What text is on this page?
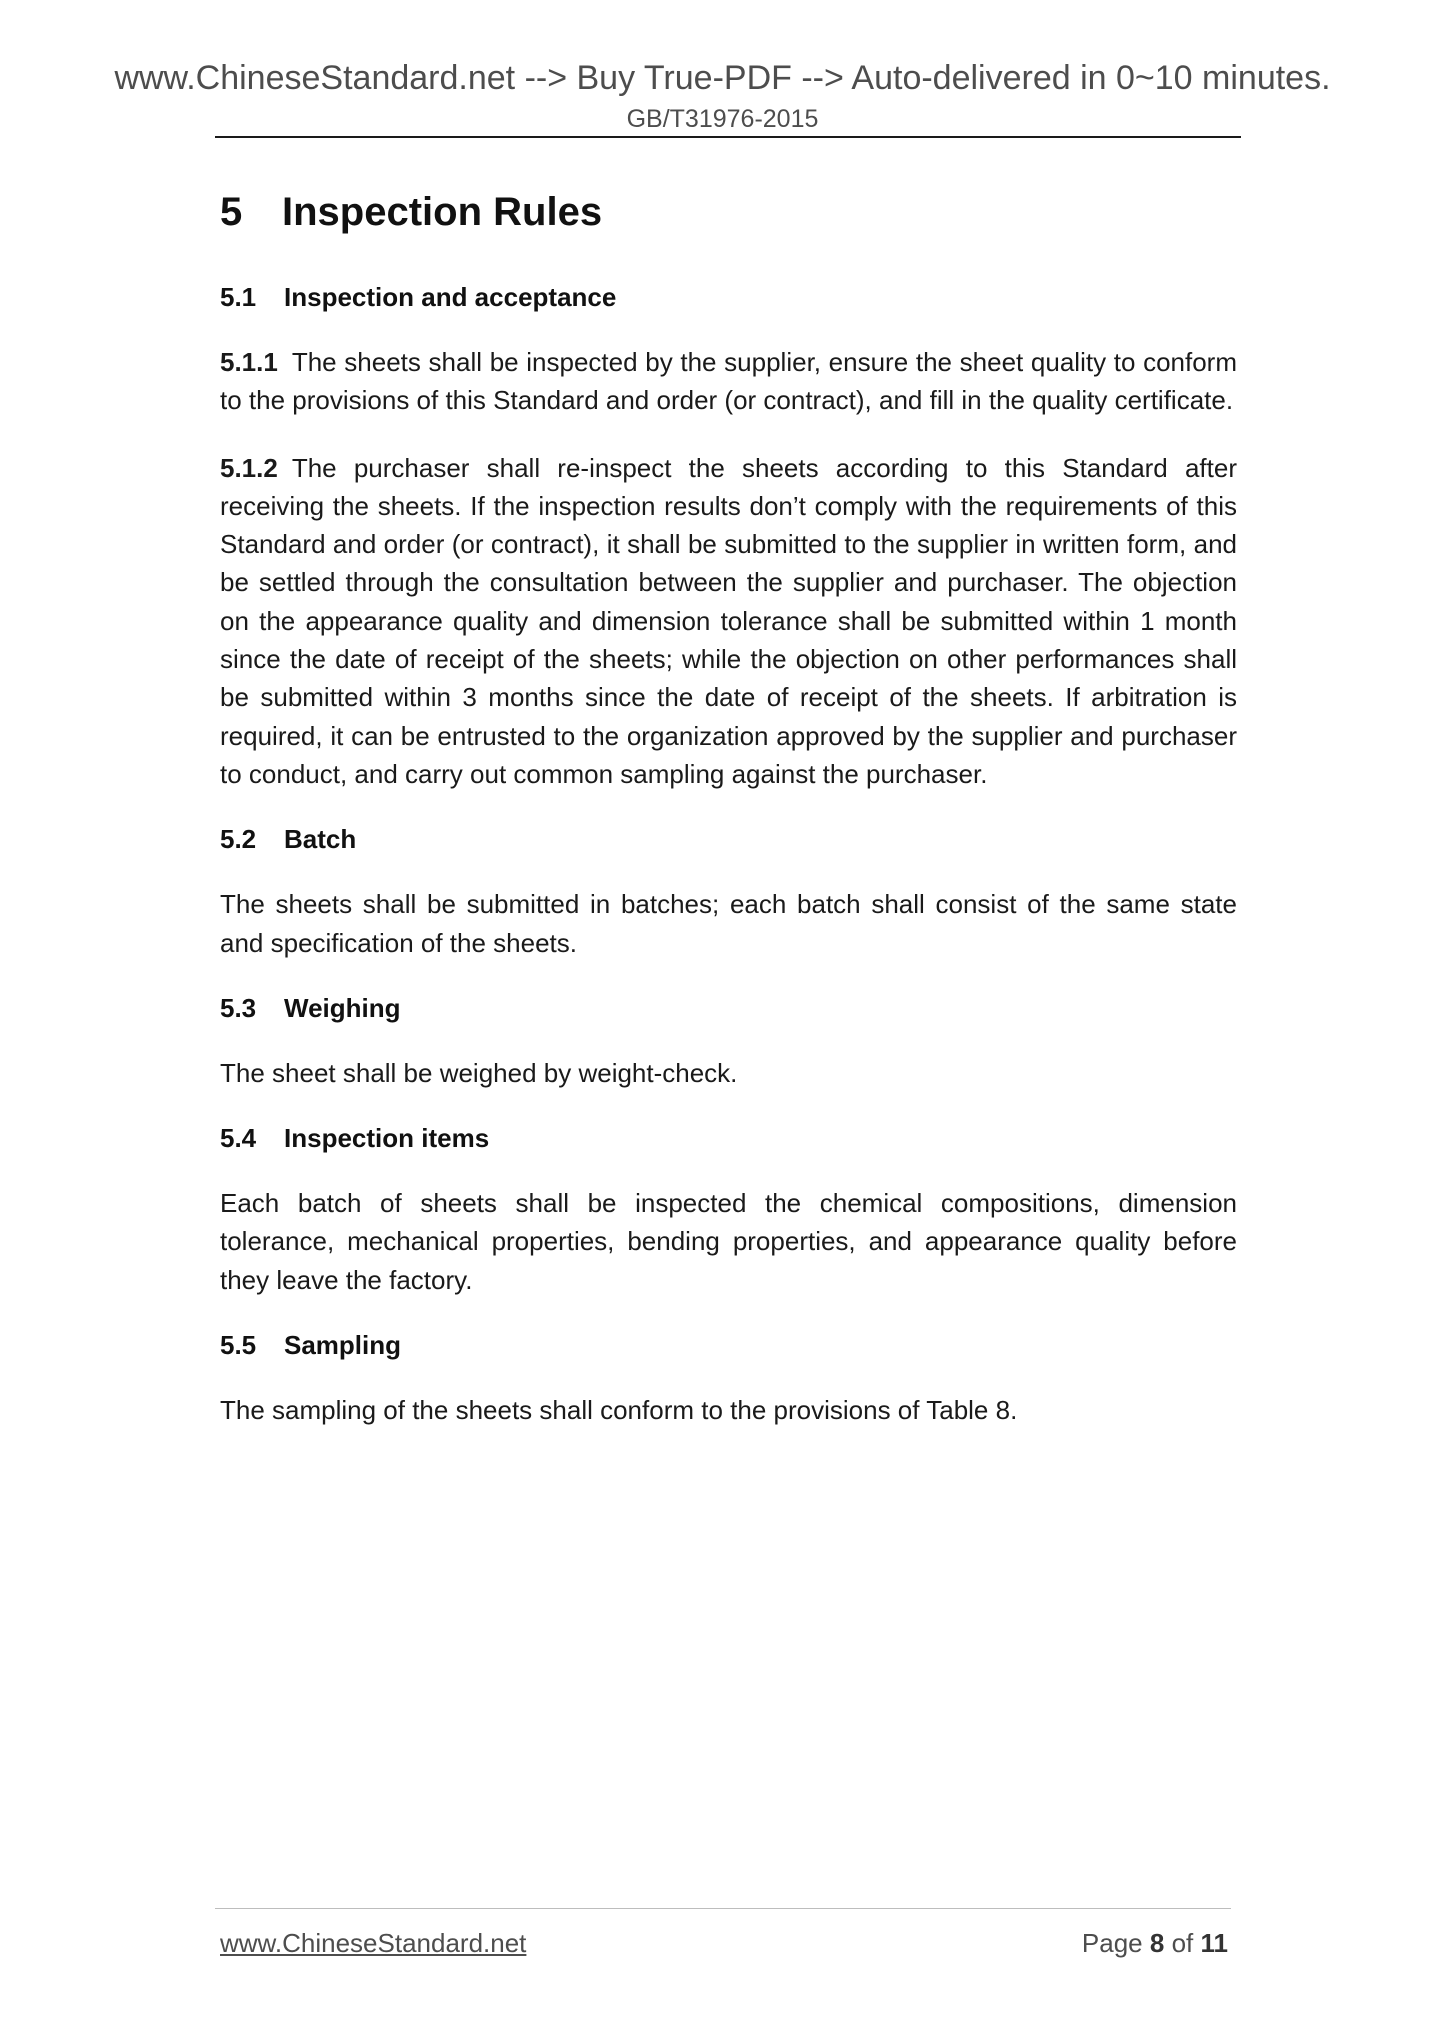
www.ChineseStandard.net --> Buy True-PDF --> Auto-delivered in 0~10 minutes.
GB/T31976-2015
5 Inspection Rules
5.1 Inspection and acceptance

5.1.1 The sheets shall be inspected by the supplier, ensure the sheet quality to conform to the provisions of this Standard and order (or contract), and fill in the quality certificate.

5.1.2 The purchaser shall re-inspect the sheets according to this Standard after receiving the sheets. If the inspection results don’t comply with the requirements of this Standard and order (or contract), it shall be submitted to the supplier in written form, and be settled through the consultation between the supplier and purchaser. The objection on the appearance quality and dimension tolerance shall be submitted within 1 month since the date of receipt of the sheets; while the objection on other performances shall be submitted within 3 months since the date of receipt of the sheets. If arbitration is required, it can be entrusted to the organization approved by the supplier and purchaser to conduct, and carry out common sampling against the purchaser.

5.2 Batch

The sheets shall be submitted in batches; each batch shall consist of the same state and specification of the sheets.

5.3 Weighing

The sheet shall be weighed by weight-check.

5.4 Inspection items

Each batch of sheets shall be inspected the chemical compositions, dimension tolerance, mechanical properties, bending properties, and appearance quality before they leave the factory.

5.5 Sampling

The sampling of the sheets shall conform to the provisions of Table 8.

www.ChineseStandard.net	Page 8 of 11
